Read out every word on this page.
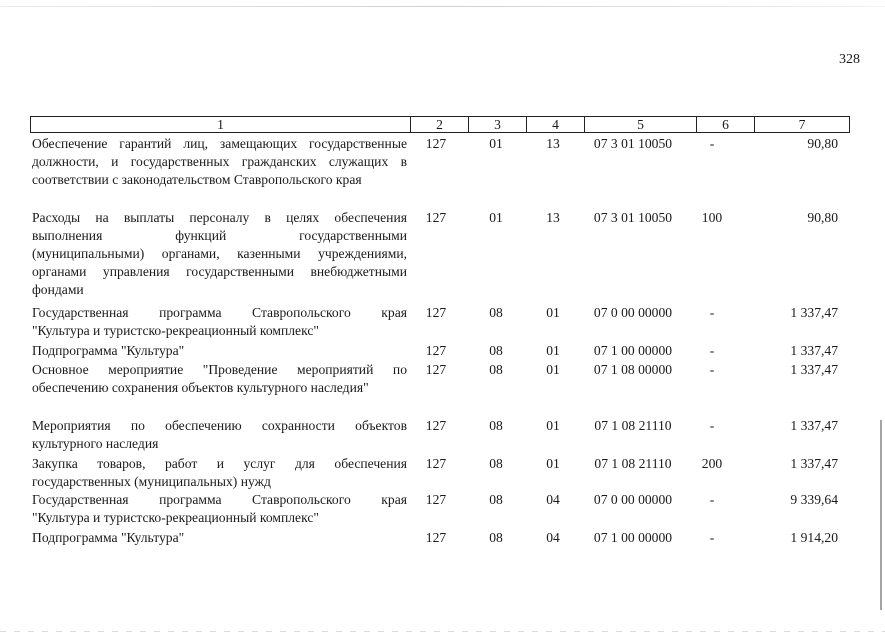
328
1	2	3	4	5	6	7
Обеспечение гарантий лиц, замещающих государственные
должности, и государственных гражданских служащих в
соответствии с законодательством Ставропольского края
127	01	13	07 3 01 10050	-	90,80
Расходы на выплаты персоналу в целях обеспечения
выполнения функций государственными
(муниципальными) органами, казенными учреждениями,
органами управления государственными внебюджетными
фондами
127	01	13	07 3 01 10050	100	90,80
Государственная программа Ставропольского края
"Культура и туристско-рекреационный комплекс"
127	08	01	07 0 00 00000	-	1 337,47
Подпрограмма "Культура"	127	08	01	07 1 00 00000	-	1 337,47
Основное мероприятие "Проведение мероприятий по
обеспечению сохранения объектов культурного наследия"
127	08	01	07 1 08 00000	-	1 337,47
Мероприятия по обеспечению сохранности объектов
культурного наследия
127	08	01	07 1 08 21110	-	1 337,47
Закупка товаров, работ и услуг для обеспечения
государственных (муниципальных) нужд
127	08	01	07 1 08 21110	200	1 337,47
Государственная программа Ставропольского края
"Культура и туристско-рекреационный комплекс"
127	08	04	07 0 00 00000	-	9 339,64
Подпрограмма "Культура"	127	08	04	07 1 00 00000	-	1 914,20
